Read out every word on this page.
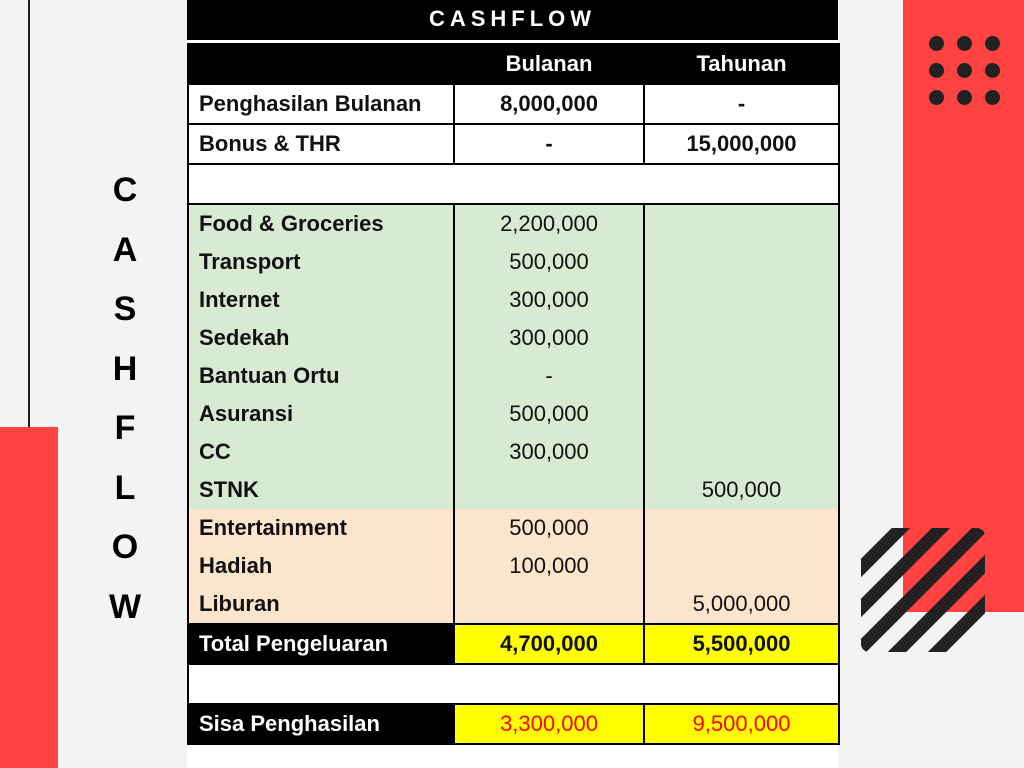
C
A
S
H
F
L
O
W
CASHFLOW
	Bulanan	Tahunan
Penghasilan Bulanan	8,000,000	-
Bonus & THR	-	15,000,000

Food & Groceries	2,200,000	
Transport	500,000	
Internet	300,000	
Sedekah	300,000	
Bantuan Ortu	-	
Asuransi	500,000	
CC	300,000	
STNK		500,000
Entertainment	500,000	
Hadiah	100,000	
Liburan		5,000,000
Total Pengeluaran	4,700,000	5,500,000

Sisa Penghasilan	3,300,000	9,500,000
